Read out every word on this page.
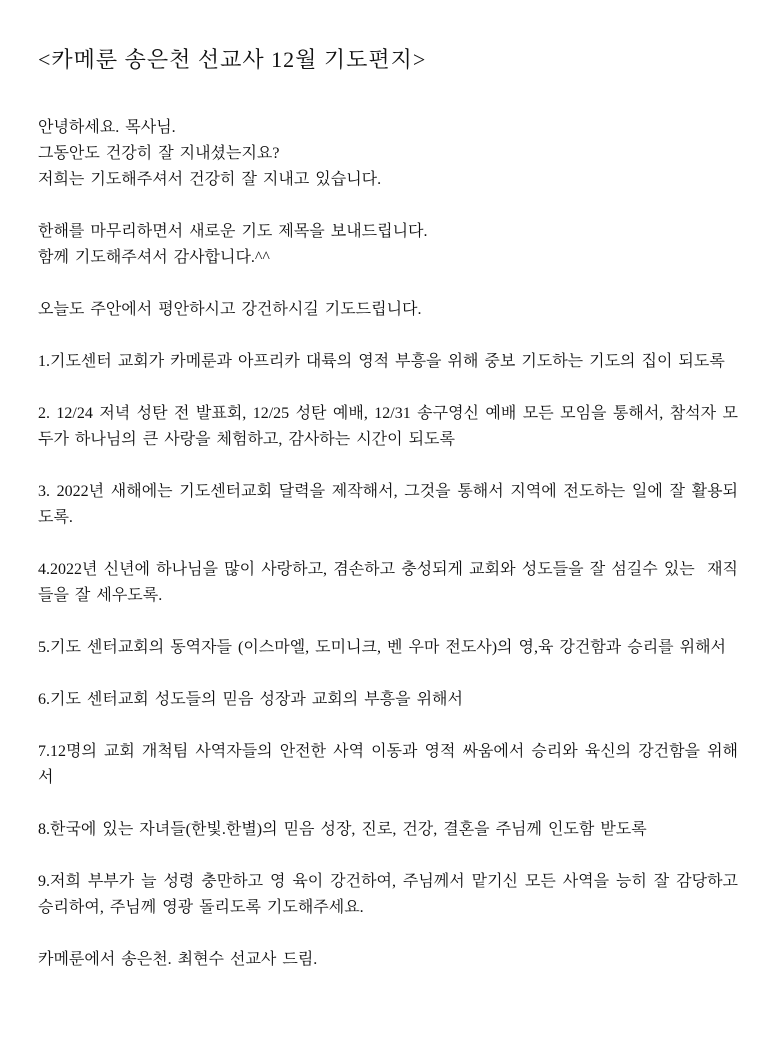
<카메룬 송은천 선교사 12월 기도편지>
안녕하세요. 목사님.
그동안도 건강히 잘 지내셨는지요?
저희는 기도해주셔서 건강히 잘 지내고 있습니다.
한해를 마무리하면서 새로운 기도 제목을 보내드립니다.
함께 기도해주셔서 감사합니다.^^
오늘도 주안에서 평안하시고 강건하시길 기도드립니다.
1.기도센터 교회가 카메룬과 아프리카 대륙의 영적 부흥을 위해 중보 기도하는 기도의 집이 되도록
2. 12/24 저녁 성탄 전 발표회, 12/25 성탄 예배, 12/31 송구영신 예배 모든 모임을 통해서, 참석자 모두가 하나님의 큰 사랑을 체험하고, 감사하는 시간이 되도록
3. 2022년 새해에는 기도센터교회 달력을 제작해서, 그것을 통해서 지역에 전도하는 일에 잘 활용되도록.
4.2022년 신년에 하나님을 많이 사랑하고, 겸손하고 충성되게 교회와 성도들을 잘 섬길수 있는  재직들을 잘 세우도록.
5.기도 센터교회의 동역자들 (이스마엘, 도미니크, 벤 우마 전도사)의 영,육 강건함과 승리를 위해서
6.기도 센터교회 성도들의 믿음 성장과 교회의 부흥을 위해서
7.12명의 교회 개척팀 사역자들의 안전한 사역 이동과 영적 싸움에서 승리와 육신의 강건함을 위해서
8.한국에 있는 자녀들(한빛.한별)의 믿음 성장, 진로, 건강, 결혼을 주님께 인도함 받도록
9.저희 부부가 늘 성령 충만하고 영 육이 강건하여, 주님께서 맡기신 모든 사역을 능히 잘 감당하고 승리하여, 주님께 영광 돌리도록 기도해주세요.
카메룬에서 송은천. 최현수 선교사 드림.
